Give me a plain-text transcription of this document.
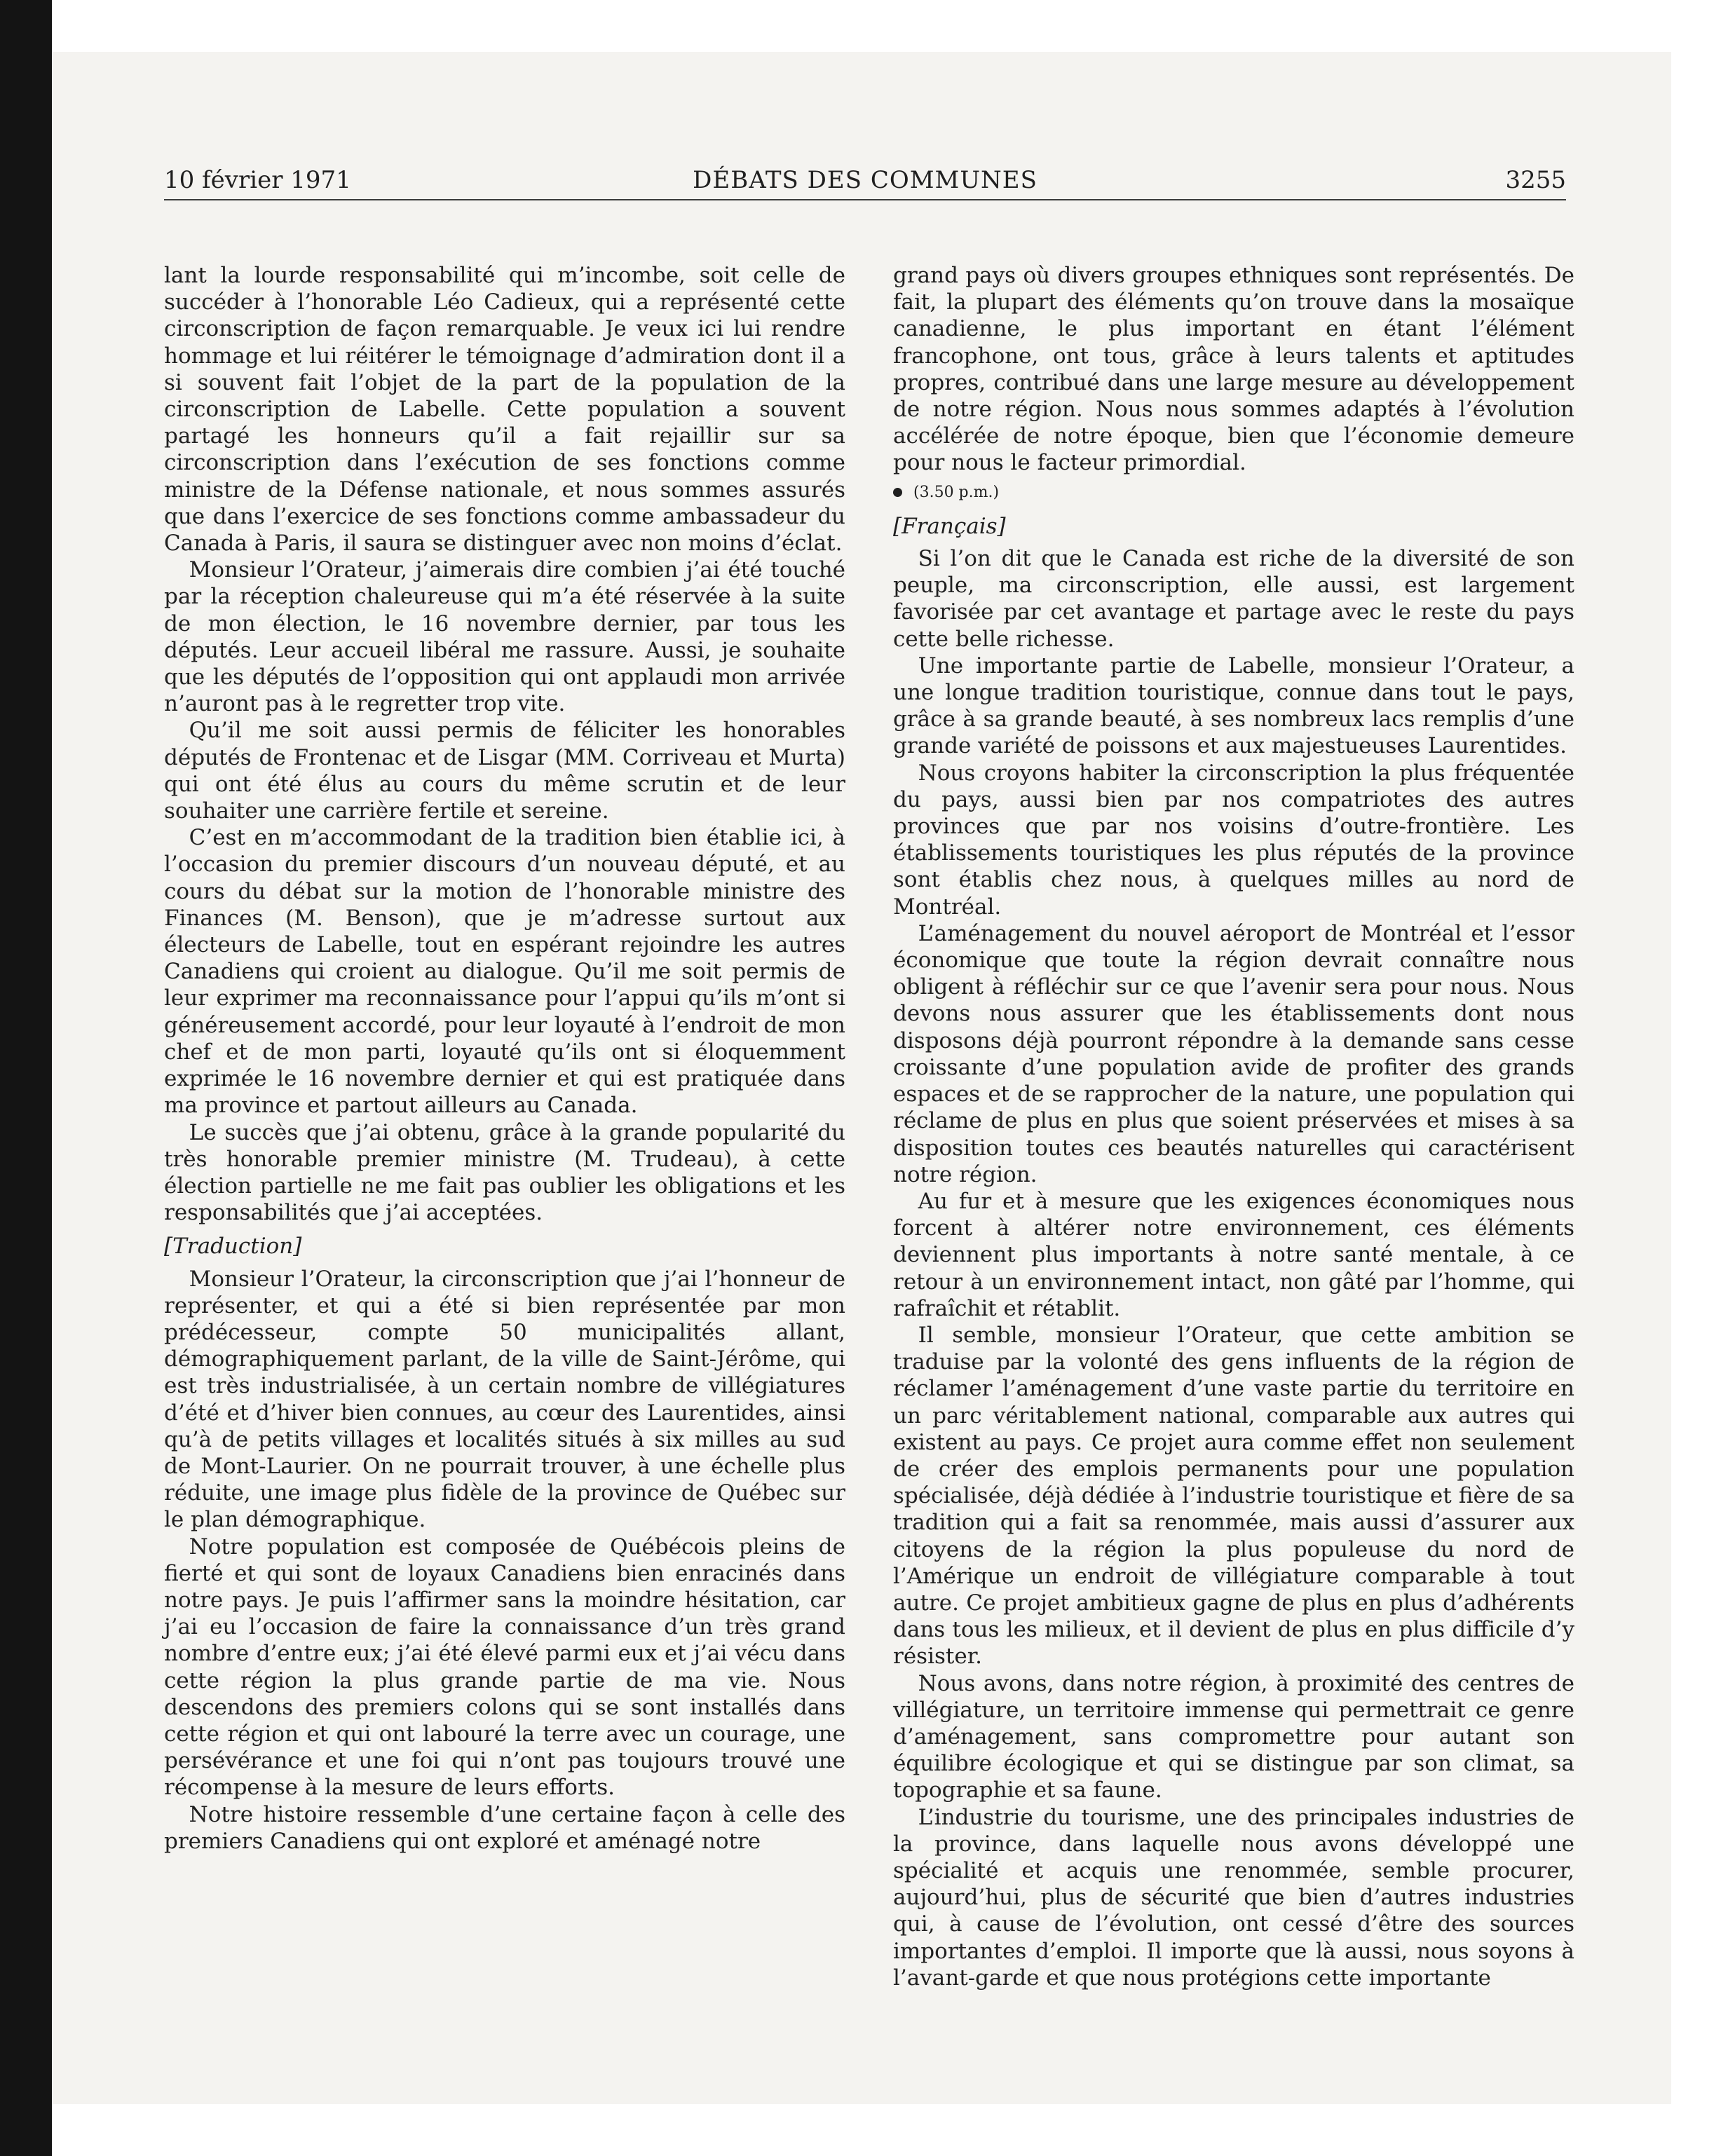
10 février 1971	DÉBATS DES COMMUNES	3255

lant la lourde responsabilité qui m’incombe, soit celle de succéder à l’honorable Léo Cadieux, qui a représenté cette circonscription de façon remarquable. Je veux ici lui rendre hommage et lui réitérer le témoignage d’admiration dont il a si souvent fait l’objet de la part de la population de la circonscription de Labelle. Cette population a souvent partagé les honneurs qu’il a fait rejaillir sur sa circonscription dans l’exécution de ses fonctions comme ministre de la Défense nationale, et nous sommes assurés que dans l’exercice de ses fonctions comme ambassadeur du Canada à Paris, il saura se distinguer avec non moins d’éclat.

Monsieur l’Orateur, j’aimerais dire combien j’ai été touché par la réception chaleureuse qui m’a été réservée à la suite de mon élection, le 16 novembre dernier, par tous les députés. Leur accueil libéral me rassure. Aussi, je souhaite que les députés de l’opposition qui ont applaudi mon arrivée n’auront pas à le regretter trop vite.

Qu’il me soit aussi permis de féliciter les honorables députés de Frontenac et de Lisgar (MM. Corriveau et Murta) qui ont été élus au cours du même scrutin et de leur souhaiter une carrière fertile et sereine.

C’est en m’accommodant de la tradition bien établie ici, à l’occasion du premier discours d’un nouveau député, et au cours du débat sur la motion de l’honorable ministre des Finances (M. Benson), que je m’adresse surtout aux électeurs de Labelle, tout en espérant rejoindre les autres Canadiens qui croient au dialogue. Qu’il me soit permis de leur exprimer ma reconnaissance pour l’appui qu’ils m’ont si généreusement accordé, pour leur loyauté à l’endroit de mon chef et de mon parti, loyauté qu’ils ont si éloquemment exprimée le 16 novembre dernier et qui est pratiquée dans ma province et partout ailleurs au Canada.

Le succès que j’ai obtenu, grâce à la grande popularité du très honorable premier ministre (M. Trudeau), à cette élection partielle ne me fait pas oublier les obligations et les responsabilités que j’ai acceptées.

[Traduction]

Monsieur l’Orateur, la circonscription que j’ai l’honneur de représenter, et qui a été si bien représentée par mon prédécesseur, compte 50 municipalités allant, démographiquement parlant, de la ville de Saint-Jérôme, qui est très industrialisée, à un certain nombre de villégiatures d’été et d’hiver bien connues, au cœur des Laurentides, ainsi qu’à de petits villages et localités situés à six milles au sud de Mont-Laurier. On ne pourrait trouver, à une échelle plus réduite, une image plus fidèle de la province de Québec sur le plan démographique.

Notre population est composée de Québécois pleins de fierté et qui sont de loyaux Canadiens bien enracinés dans notre pays. Je puis l’affirmer sans la moindre hésitation, car j’ai eu l’occasion de faire la connaissance d’un très grand nombre d’entre eux; j’ai été élevé parmi eux et j’ai vécu dans cette région la plus grande partie de ma vie. Nous descendons des premiers colons qui se sont installés dans cette région et qui ont labouré la terre avec un courage, une persévérance et une foi qui n’ont pas toujours trouvé une récompense à la mesure de leurs efforts.

Notre histoire ressemble d’une certaine façon à celle des premiers Canadiens qui ont exploré et aménagé notre

grand pays où divers groupes ethniques sont représentés. De fait, la plupart des éléments qu’on trouve dans la mosaïque canadienne, le plus important en étant l’élément francophone, ont tous, grâce à leurs talents et aptitudes propres, contribué dans une large mesure au développement de notre région. Nous nous sommes adaptés à l’évolution accélérée de notre époque, bien que l’économie demeure pour nous le facteur primordial.

(3.50 p.m.)

[Français]

Si l’on dit que le Canada est riche de la diversité de son peuple, ma circonscription, elle aussi, est largement favorisée par cet avantage et partage avec le reste du pays cette belle richesse.

Une importante partie de Labelle, monsieur l’Orateur, a une longue tradition touristique, connue dans tout le pays, grâce à sa grande beauté, à ses nombreux lacs remplis d’une grande variété de poissons et aux majestueuses Laurentides.

Nous croyons habiter la circonscription la plus fréquentée du pays, aussi bien par nos compatriotes des autres provinces que par nos voisins d’outre-frontière. Les établissements touristiques les plus réputés de la province sont établis chez nous, à quelques milles au nord de Montréal.

L’aménagement du nouvel aéroport de Montréal et l’essor économique que toute la région devrait connaître nous obligent à réfléchir sur ce que l’avenir sera pour nous. Nous devons nous assurer que les établissements dont nous disposons déjà pourront répondre à la demande sans cesse croissante d’une population avide de profiter des grands espaces et de se rapprocher de la nature, une population qui réclame de plus en plus que soient préservées et mises à sa disposition toutes ces beautés naturelles qui caractérisent notre région.

Au fur et à mesure que les exigences économiques nous forcent à altérer notre environnement, ces éléments deviennent plus importants à notre santé mentale, à ce retour à un environnement intact, non gâté par l’homme, qui rafraîchit et rétablit.

Il semble, monsieur l’Orateur, que cette ambition se traduise par la volonté des gens influents de la région de réclamer l’aménagement d’une vaste partie du territoire en un parc véritablement national, comparable aux autres qui existent au pays. Ce projet aura comme effet non seulement de créer des emplois permanents pour une population spécialisée, déjà dédiée à l’industrie touristique et fière de sa tradition qui a fait sa renommée, mais aussi d’assurer aux citoyens de la région la plus populeuse du nord de l’Amérique un endroit de villégiature comparable à tout autre. Ce projet ambitieux gagne de plus en plus d’adhérents dans tous les milieux, et il devient de plus en plus difficile d’y résister.

Nous avons, dans notre région, à proximité des centres de villégiature, un territoire immense qui permettrait ce genre d’aménagement, sans compromettre pour autant son équilibre écologique et qui se distingue par son climat, sa topographie et sa faune.

L’industrie du tourisme, une des principales industries de la province, dans laquelle nous avons développé une spécialité et acquis une renommée, semble procurer, aujourd’hui, plus de sécurité que bien d’autres industries qui, à cause de l’évolution, ont cessé d’être des sources importantes d’emploi. Il importe que là aussi, nous soyons à l’avant-garde et que nous protégions cette importante
